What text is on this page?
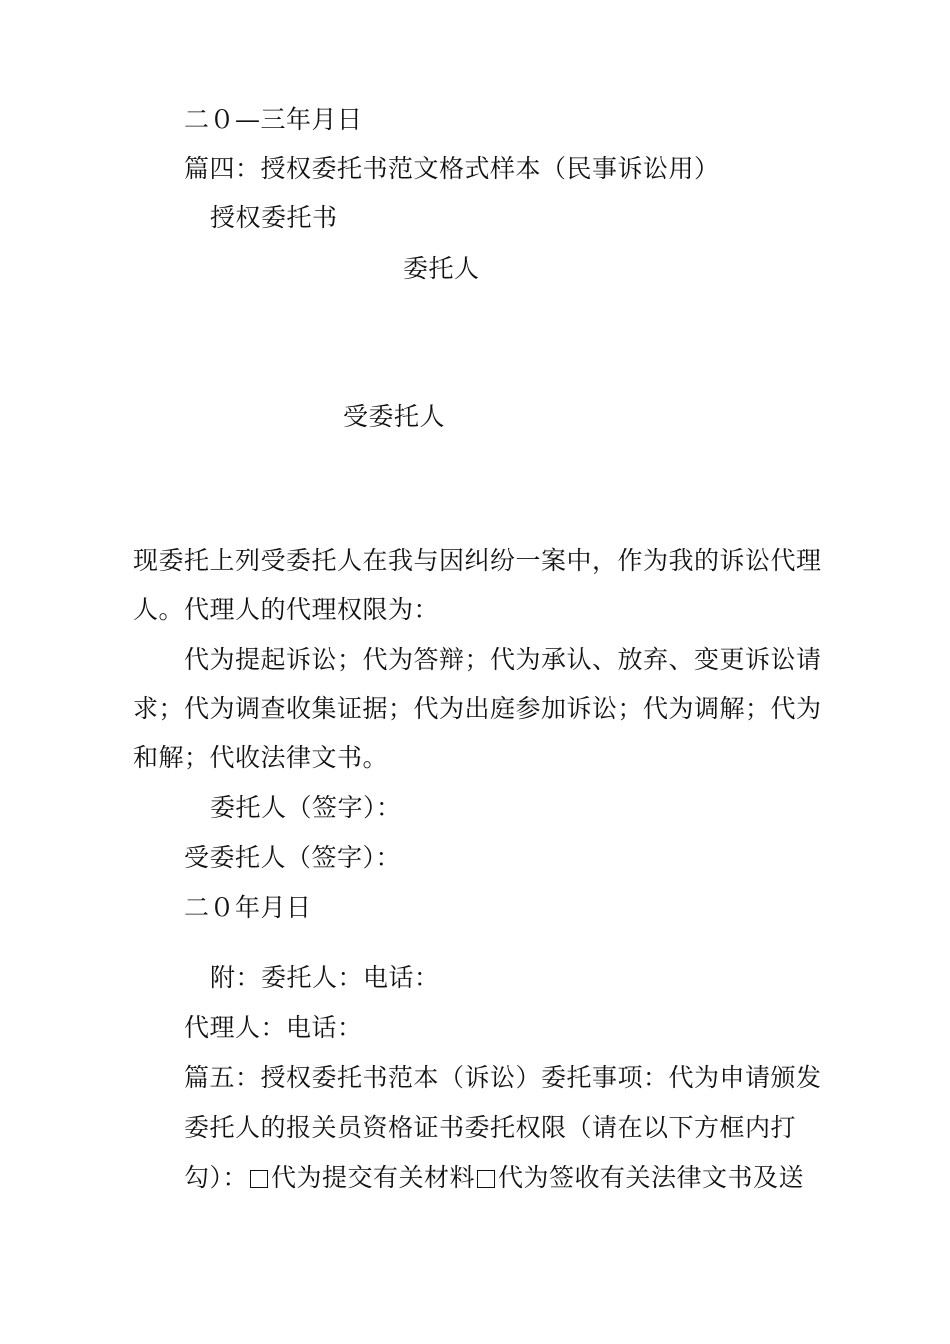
二０—三年月日
篇四：授权委托书范文格式样本（民事诉讼用）
授权委托书
委托人
受委托人
现委托上列受委托人在我与因纠纷一案中，作为我的诉讼代理
人。代理人的代理权限为：
代为提起诉讼；代为答辩；代为承认、放弃、变更诉讼请
求；代为调查收集证据；代为出庭参加诉讼；代为调解；代为
和解；代收法律文书。
委托人（签字）：
受委托人（签字）：
二０年月日
附：委托人：电话：
代理人：电话：
篇五：授权委托书范本（诉讼）委托事项：代为申请颁发
委托人的报关员资格证书委托权限（请在以下方框内打
勾）： 代为提交有关材料 代为签收有关法律文书及送
